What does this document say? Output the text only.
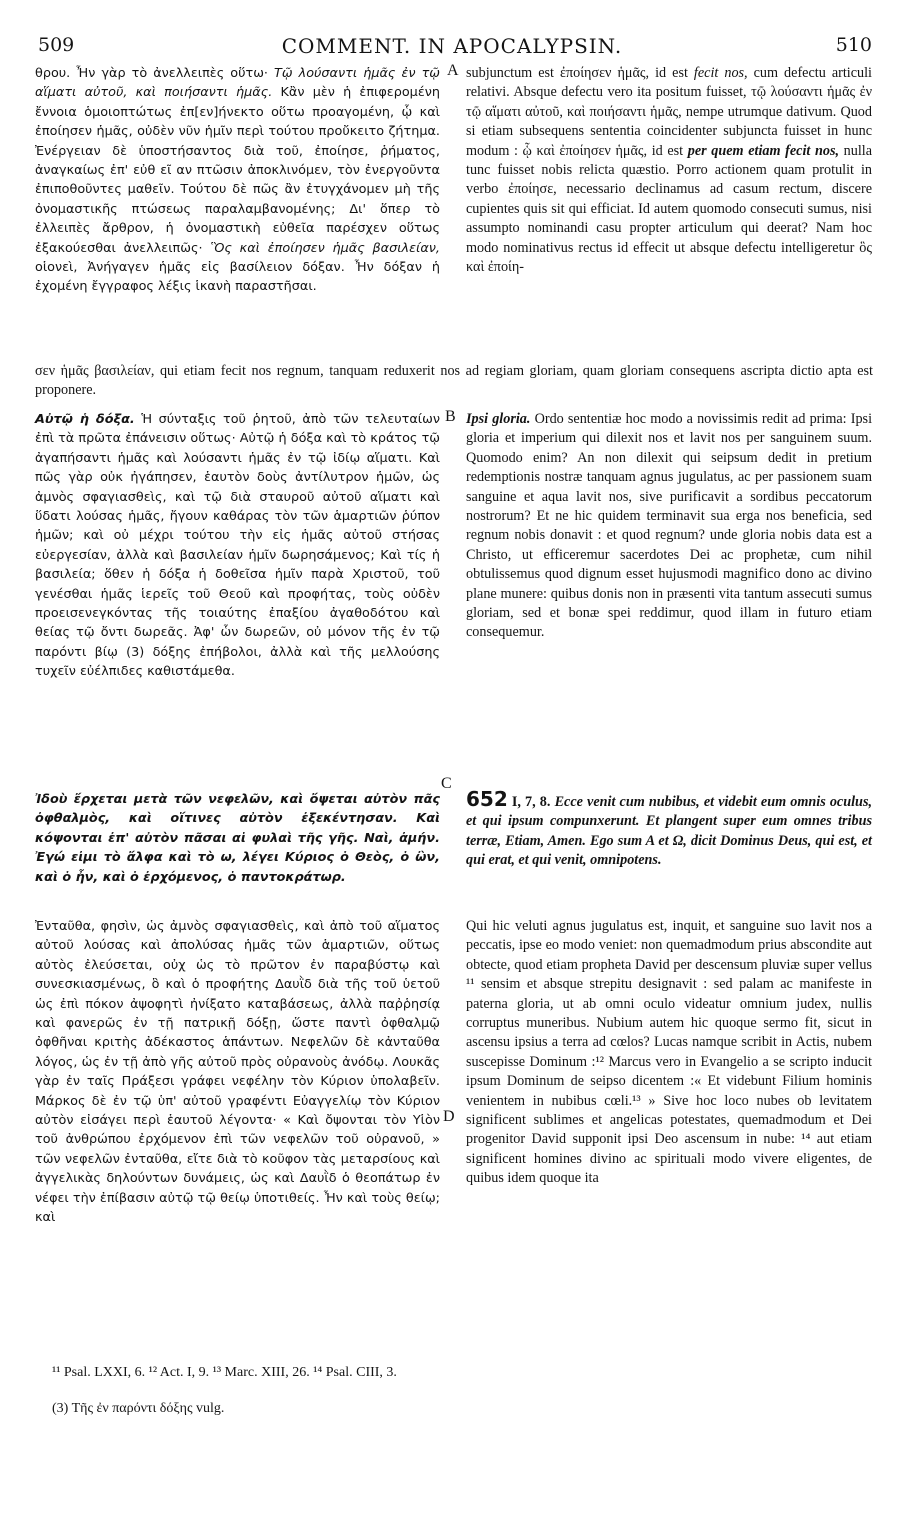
509	COMMENT. IN APOCALYPSIN.	510

θρου. Ἦν γὰρ τὸ ἀνελλειπὲς οὕτω· Τῷ λούσαντι ἡμᾶς ἐν τῷ αἵματι αὐτοῦ, καὶ ποιήσαντι ἡμᾶς. Κἂν μὲν ἡ ἐπιφερομένη ἔννοια ὁμοιοπτώτως ἐπ[εν]ήνεκτο οὕτω προαγομένη, ᾧ καὶ ἐποίησεν ἡμᾶς, οὐδὲν νῦν ἡμῖν περὶ τούτου προὔκειτο ζήτημα. Ἐνέργειαν δὲ ὑποστήσαντος διὰ τοῦ, ἐποίησε, ῥήματος, ἀναγκαίως ἐπ' εὐθ εῖ αν πτῶσιν ἀποκλινόμεν, τὸν ἐνεργοῦντα ἐπιποθοῦντες μαθεῖν. Τούτου δὲ πῶς ἂν ἐτυγχάνομεν μὴ τῆς ὀνομαστικῆς πτώσεως παραλαμβανομένης; Δι' ὅπερ τὸ ἐλλειπὲς ἄρθρον, ἡ ὀνομαστικὴ εὐθεῖα παρέσχεν οὕτως ἐξακούεσθαι ἀνελλειπῶς· Ὃς καὶ ἐποίησεν ἡμᾶς βασιλείαν, οἱονεὶ, Ἀνήγαγεν ἡμᾶς εἰς βασίλειον δόξαν. Ἦν δόξαν ἡ ἐχομένη ἔγγραφος λέξις ἱκανὴ παραστῆσαι.

A subjunctum est ἐποίησεν ἡμᾶς, id est fecit nos, cum defectu articuli relativi. Absque defectu vero ita positum fuisset, τῷ λούσαντι ἡμᾶς ἐν τῷ αἵματι αὐτοῦ, καὶ ποιήσαντι ἡμᾶς, nempe utrumque dativum. Quod si etiam subsequens sententia coincidenter subjuncta fuisset in hunc modum : ᾧ καὶ ἐποίησεν ἡμᾶς, id est per quem etiam fecit nos, nulla tunc fuisset nobis relicta quæstio. Porro actionem quam protulit in verbo ἐποίησε, necessario declinamus ad casum rectum, discere cupientes quis sit qui efficiat. Id autem quomodo consecuti sumus, nisi assumpto nominandi casu propter articulum qui deerat? Nam hoc modo nominativus rectus id effecit ut absque defectu intelligeretur ὃς καὶ ἐποίη-

σεν ἡμᾶς βασιλείαν, qui etiam fecit nos regnum, tanquam reduxerit nos ad regiam gloriam, quam gloriam consequens ascripta dictio apta est proponere.

Αὐτῷ ἡ δόξα. Ἡ σύνταξις τοῦ ῥητοῦ, ἀπὸ τῶν τελευταίων ἐπὶ τὰ πρῶτα ἐπάνεισιν οὕτως· Αὐτῷ ἡ δόξα καὶ τὸ κράτος τῷ ἀγαπήσαντι ἡμᾶς καὶ λούσαντι ἡμᾶς ἐν τῷ ἰδίῳ αἵματι. Καὶ πῶς γὰρ οὐκ ἠγάπησεν, ἑαυτὸν δοὺς ἀντίλυτρον ἡμῶν, ὡς ἀμνὸς σφαγιασθεὶς, καὶ τῷ διὰ σταυροῦ αὐτοῦ αἵματι καὶ ὕδατι λούσας ἡμᾶς, ἤγουν καθάρας τὸν τῶν ἁμαρτιῶν ῥύπον ἡμῶν; καὶ οὐ μέχρι τούτου τὴν εἰς ἡμᾶς αὐτοῦ στήσας εὐεργεσίαν, ἀλλὰ καὶ βασιλείαν ἡμῖν δωρησάμενος; Καὶ τίς ἡ βασιλεία; ὅθεν ἡ δόξα ἡ δοθεῖσα ἡμῖν παρὰ Χριστοῦ, τοῦ γενέσθαι ἡμᾶς ἱερεῖς τοῦ Θεοῦ καὶ προφήτας, τοὺς οὐδὲν προεισενεγκόντας τῆς τοιαύτης ἐπαξίου ἀγαθοδότου καὶ θείας τῷ ὄντι δωρεᾶς. Ἀφ' ὧν δωρεῶν, οὐ μόνον τῆς ἐν τῷ παρόντι βίῳ (3) δόξης ἐπήβολοι, ἀλλὰ καὶ τῆς μελλούσης τυχεῖν εὐέλπιδες καθιστάμεθα.

B Ipsi gloria. Ordo sententiæ hoc modo a novissimis redit ad prima: Ipsi gloria et imperium qui dilexit nos et lavit nos per sanguinem suum. Quomodo enim? An non dilexit qui seipsum dedit in pretium redemptionis nostræ tanquam agnus jugulatus, ac per passionem suam sanguine et aqua lavit nos, sive purificavit a sordibus peccatorum nostrorum? Et ne hic quidem terminavit sua erga nos beneficia, sed regnum nobis donavit : et quod regnum? unde gloria nobis data est a Christo, ut efficeremur sacerdotes Dei ac prophetæ, cum nihil obtulissemus quod dignum esset hujusmodi magnifico dono ac divino plane munere: quibus donis non in præsenti vita tantum assecuti sumus gloriam, sed et bonæ spei reddimur, quod illam in futuro etiam consequemur.

C

Ἰδοὺ ἔρχεται μετὰ τῶν νεφελῶν, καὶ ὄψεται αὐτὸν πᾶς ὀφθαλμὸς, καὶ οἵτινες αὐτὸν ἐξεκέντησαν. Καὶ κόψονται ἐπ' αὐτὸν πᾶσαι αἱ φυλαὶ τῆς γῆς. Ναὶ, ἀμήν. Ἐγώ εἰμι τὸ ἄλφα καὶ τὸ ω, λέγει Κύριος ὁ Θεὸς, ὁ ὢν, καὶ ὁ ἦν, καὶ ὁ ἐρχόμενος, ὁ παντοκράτωρ.

652 I, 7, 8. Ecce venit cum nubibus, et videbit eum omnis oculus, et qui ipsum compunxerunt. Et plangent super eum omnes tribus terræ, Etiam, Amen. Ego sum A et Ω, dicit Dominus Deus, qui est, et qui erat, et qui venit, omnipotens.

Ἐνταῦθα, φησὶν, ὡς ἀμνὸς σφαγιασθεὶς, καὶ ἀπὸ τοῦ αἵματος αὐτοῦ λούσας καὶ ἀπολύσας ἡμᾶς τῶν ἁμαρτιῶν, οὕτως αὐτὸς ἐλεύσεται, οὐχ ὡς τὸ πρῶτον ἐν παραβύστῳ καὶ συνεσκιασμένως, ὃ καὶ ὁ προφήτης Δαυῒδ διὰ τῆς τοῦ ὑετοῦ ὡς ἐπὶ πόκον ἀψοφητὶ ἠνίξατο καταβάσεως, ἀλλὰ παῤῥησίᾳ καὶ φανερῶς ἐν τῇ πατρικῇ δόξῃ, ὥστε παντὶ ὀφθαλμῷ ὀφθῆναι κριτὴς ἀδέκαστος ἁπάντων. Νεφελῶν δὲ κἀνταῦθα λόγος, ὡς ἐν τῇ ἀπὸ γῆς αὐτοῦ πρὸς οὐρανοὺς ἀνόδῳ. Λουκᾶς γὰρ ἐν ταῖς Πράξεσι γράφει νεφέλην τὸν Κύριον ὑπολαβεῖν. Μάρκος δὲ ἐν τῷ ὑπ' αὐτοῦ γραφέντι Εὐαγγελίῳ τὸν Κύριον αὐτὸν εἰσάγει περὶ ἑαυτοῦ λέγοντα· « Καὶ ὄψονται τὸν Υἱὸν τοῦ ἀνθρώπου ἐρχόμενον ἐπὶ τῶν νεφελῶν τοῦ οὐρανοῦ, » τῶν νεφελῶν ἐνταῦθα, εἴτε διὰ τὸ κοῦφον τὰς μεταρσίους καὶ ἀγγελικὰς δηλούντων δυνάμεις, ὡς καὶ Δαυῒδ ὁ θεοπάτωρ ἐν νέφει τὴν ἐπίβασιν αὐτῷ τῷ θείῳ ὑποτιθείς. Ἦν καὶ τοὺς θείῳ; καὶ

D

Qui hic veluti agnus jugulatus est, inquit, et sanguine suo lavit nos a peccatis, ipse eo modo veniet: non quemadmodum prius abscondite aut obtecte, quod etiam propheta David per descensum pluviæ super vellus ¹¹ sensim et absque strepitu designavit : sed palam ac manifeste in paterna gloria, ut ab omni oculo videatur omnium judex, nullis corruptus muneribus. Nubium autem hic quoque sermo fit, sicut in ascensu ipsius a terra ad cœlos? Lucas namque scribit in Actis, nubem suscepisse Dominum :¹² Marcus vero in Evangelio a se scripto inducit ipsum Dominum de seipso dicentem :« Et videbunt Filium hominis venientem in nubibus cœli.¹³ » Sive hoc loco nubes ob levitatem significent sublimes et angelicas potestates, quemadmodum et Dei progenitor David supponit ipsi Deo ascensum in nube: ¹⁴ aut etiam significent homines divino ac spirituali modo vivere eligentes, de quibus idem quoque ita

¹¹ Psal. LXXI, 6. ¹² Act. I, 9. ¹³ Marc. XIII, 26. ¹⁴ Psal. CIII, 3.
(3) Τῆς ἐν παρόντι δόξης vulg.
